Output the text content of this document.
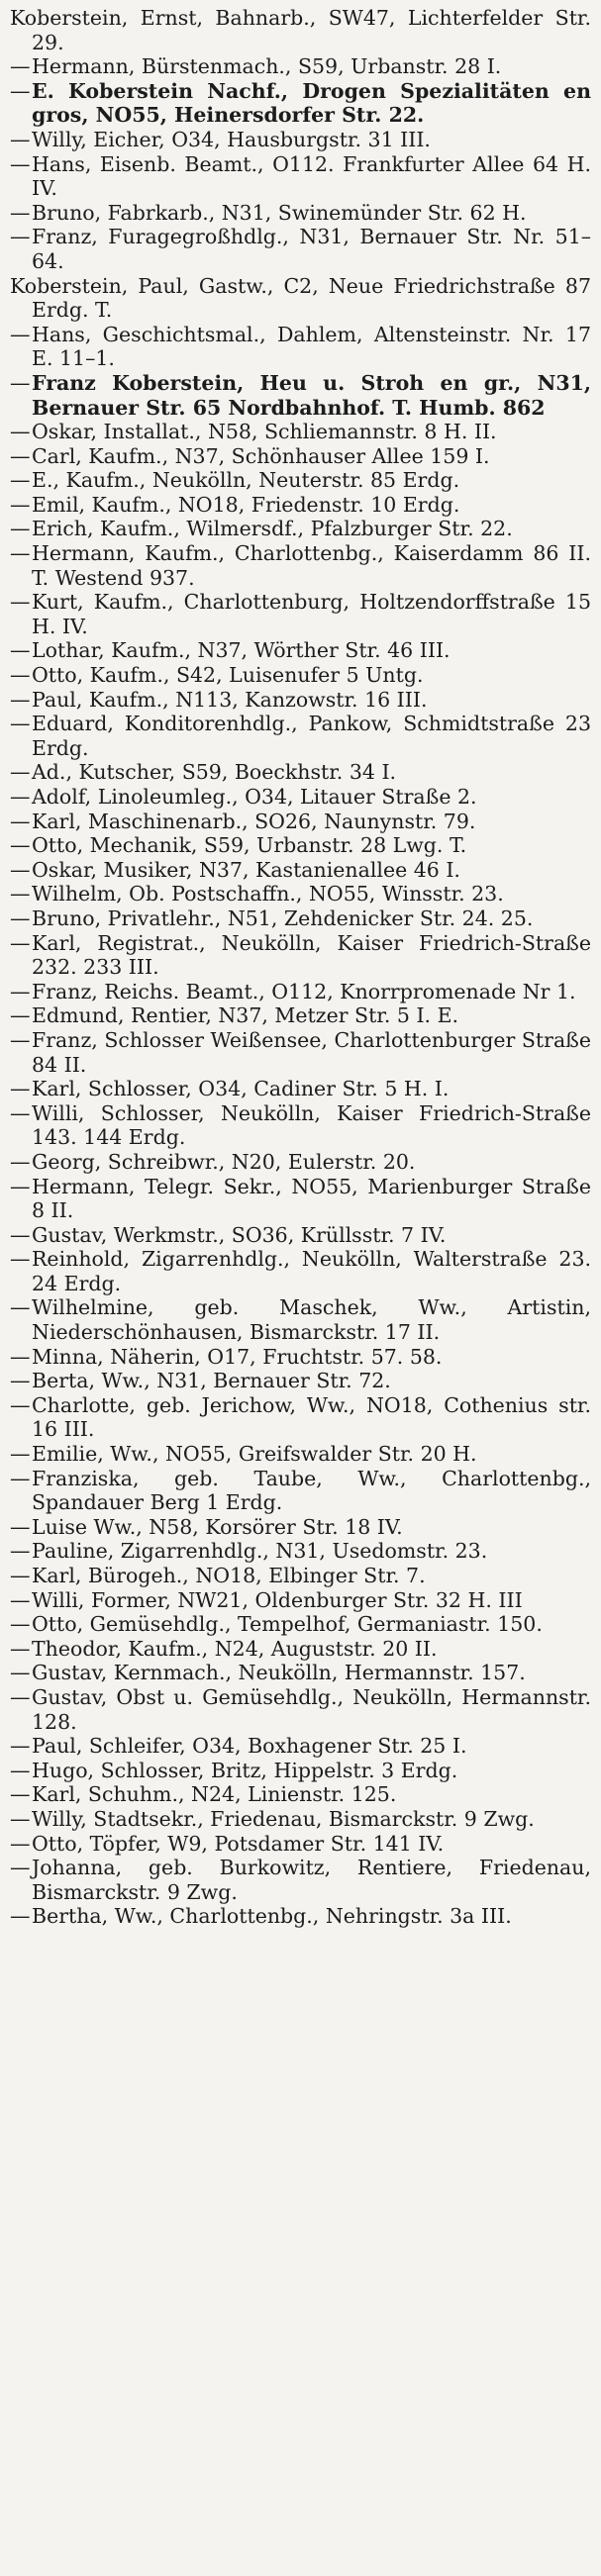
Koberstein, Ernst, Bahnarb., SW47, Lichterfelder Str. 29.
—Hermann, Bürstenmach., S59, Urbanstr. 28 I.
—E. Koberstein Nachf., Drogen Spezialitäten en gros, NO55, Heinersdorfer Str. 22.
—Willy, Eicher, O34, Hausburgstr. 31 III.
—Hans, Eisenb. Beamt., O112. Frankfurter Allee 64 H. IV.
—Bruno, Fabrkarb., N31, Swinemünder Str. 62 H.
—Franz, Furagegroßhdlg., N31, Bernauer Str. Nr. 51–64.
Koberstein, Paul, Gastw., C2, Neue Friedrichstraße 87 Erdg. T.
—Hans, Geschichtsmal., Dahlem, Altensteinstr. Nr. 17 E. 11–1.
—Franz Koberstein, Heu u. Stroh en gr., N31, Bernauer Str. 65 Nordbahnhof. T. Humb. 862
—Oskar, Installat., N58, Schliemannstr. 8 H. II.
—Carl, Kaufm., N37, Schönhauser Allee 159 I.
—E., Kaufm., Neukölln, Neuterstr. 85 Erdg.
—Emil, Kaufm., NO18, Friedenstr. 10 Erdg.
—Erich, Kaufm., Wilmersdf., Pfalzburger Str. 22.
—Hermann, Kaufm., Charlottenbg., Kaiserdamm 86 II. T. Westend 937.
—Kurt, Kaufm., Charlottenburg, Holtzendorffstraße 15 H. IV.
—Lothar, Kaufm., N37, Wörther Str. 46 III.
—Otto, Kaufm., S42, Luisenufer 5 Untg.
—Paul, Kaufm., N113, Kanzowstr. 16 III.
—Eduard, Konditorenhdlg., Pankow, Schmidtstraße 23 Erdg.
—Ad., Kutscher, S59, Boeckhstr. 34 I.
—Adolf, Linoleumleg., O34, Litauer Straße 2.
—Karl, Maschinenarb., SO26, Naunynstr. 79.
—Otto, Mechanik, S59, Urbanstr. 28 Lwg. T.
—Oskar, Musiker, N37, Kastanienallee 46 I.
—Wilhelm, Ob. Postschaffn., NO55, Winsstr. 23.
—Bruno, Privatlehr., N51, Zehdenicker Str. 24. 25.
—Karl, Registrat., Neukölln, Kaiser Friedrich-Straße 232. 233 III.
—Franz, Reichs. Beamt., O112, Knorrpromenade Nr 1.
—Edmund, Rentier, N37, Metzer Str. 5 I. E.
—Franz, Schlosser Weißensee, Charlottenburger Straße 84 II.
—Karl, Schlosser, O34, Cadiner Str. 5 H. I.
—Willi, Schlosser, Neukölln, Kaiser Friedrich-Straße 143. 144 Erdg.
—Georg, Schreibwr., N20, Eulerstr. 20.
—Hermann, Telegr. Sekr., NO55, Marienburger Straße 8 II.
—Gustav, Werkmstr., SO36, Krüllsstr. 7 IV.
—Reinhold, Zigarrenhdlg., Neukölln, Walterstraße 23. 24 Erdg.
—Wilhelmine, geb. Maschek, Ww., Artistin, Niederschönhausen, Bismarckstr. 17 II.
—Minna, Näherin, O17, Fruchtstr. 57. 58.
—Berta, Ww., N31, Bernauer Str. 72.
—Charlotte, geb. Jerichow, Ww., NO18, Cothenius str. 16 III.
—Emilie, Ww., NO55, Greifswalder Str. 20 H.
—Franziska, geb. Taube, Ww., Charlottenbg., Spandauer Berg 1 Erdg.
—Luise Ww., N58, Korsörer Str. 18 IV.
—Pauline, Zigarrenhdlg., N31, Usedomstr. 23.
—Karl, Bürogeh., NO18, Elbinger Str. 7.
—Willi, Former, NW21, Oldenburger Str. 32 H. III
—Otto, Gemüsehdlg., Tempelhof, Germaniastr. 150.
—Theodor, Kaufm., N24, Auguststr. 20 II.
—Gustav, Kernmach., Neukölln, Hermannstr. 157.
—Gustav, Obst u. Gemüsehdlg., Neukölln, Hermannstr. 128.
—Paul, Schleifer, O34, Boxhagener Str. 25 I.
—Hugo, Schlosser, Britz, Hippelstr. 3 Erdg.
—Karl, Schuhm., N24, Linienstr. 125.
—Willy, Stadtsekr., Friedenau, Bismarckstr. 9 Zwg.
—Otto, Töpfer, W9, Potsdamer Str. 141 IV.
—Johanna, geb. Burkowitz, Rentiere, Friedenau, Bismarckstr. 9 Zwg.
—Bertha, Ww., Charlottenbg., Nehringstr. 3a III.
